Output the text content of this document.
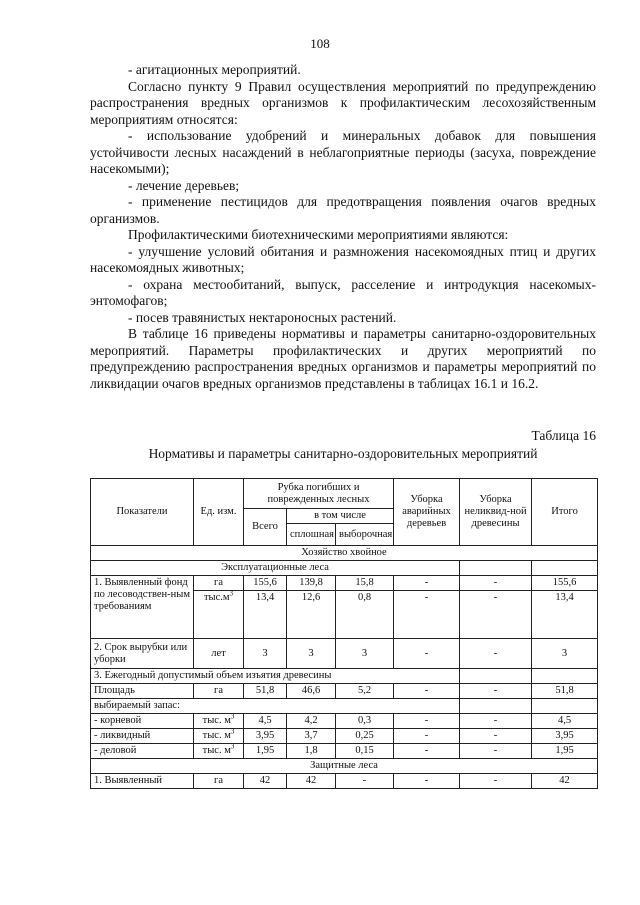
108

- агитационных мероприятий.

Согласно пункту 9 Правил осуществления мероприятий по предупреждению распространения вредных организмов к профилактическим лесохозяйственным мероприятиям относятся:

- использование удобрений и минеральных добавок для повышения устойчивости лесных насаждений в неблагоприятные периоды (засуха, повреждение насекомыми);

- лечение деревьев;

- применение пестицидов для предотвращения появления очагов вредных организмов.

Профилактическими биотехническими мероприятиями являются:

- улучшение условий обитания и размножения насекомоядных птиц и других насекомоядных животных;

- охрана местообитаний, выпуск, расселение и интродукция насекомых-энтомофагов;

- посев травянистых нектароносных растений.

В таблице 16 приведены нормативы и параметры санитарно-оздоровительных мероприятий. Параметры профилактических и других мероприятий по предупреждению распространения вредных организмов и параметры мероприятий по ликвидации очагов вредных организмов представлены в таблицах 16.1 и 16.2.

Таблица 16
Нормативы и параметры санитарно-оздоровительных мероприятий
Показатели	Ед. изм.	Рубка погибших и поврежденных лесных			Уборка аварийных деревьев	Уборка неликвид-ной древесины	Итого
		Всего	в том числе				
			сплошная	выборочная			
Хозяйство хвойное							
Эксплуатационные леса							
1. Выявленный фонд по лесоводствен-ным требованиям	га	155,6	139,8	15,8	-	-	155,6
	$тыс.м^3$	13,4	12,6	0,8	-	-	13,4
2. Срок вырубки или уборки	лет	3	3	3	-	-	3
3. Ежегодный допустимый объем изъятия древесины							
Площадь	га	51,8	46,6	5,2	-	-	51,8
выбираемый запас:							
- корневой	тыс. $м^3$	4,5	4,2	0,3	-	-	4,5
- ликвидный	тыс. $м^3$	3,95	3,7	0,25	-	-	3,95
- деловой	тыс. $м^3$	1,95	1,8	0,15	-	-	1,95
Защитные леса							
1. Выявленный	га	42	42	-	-	-	42
